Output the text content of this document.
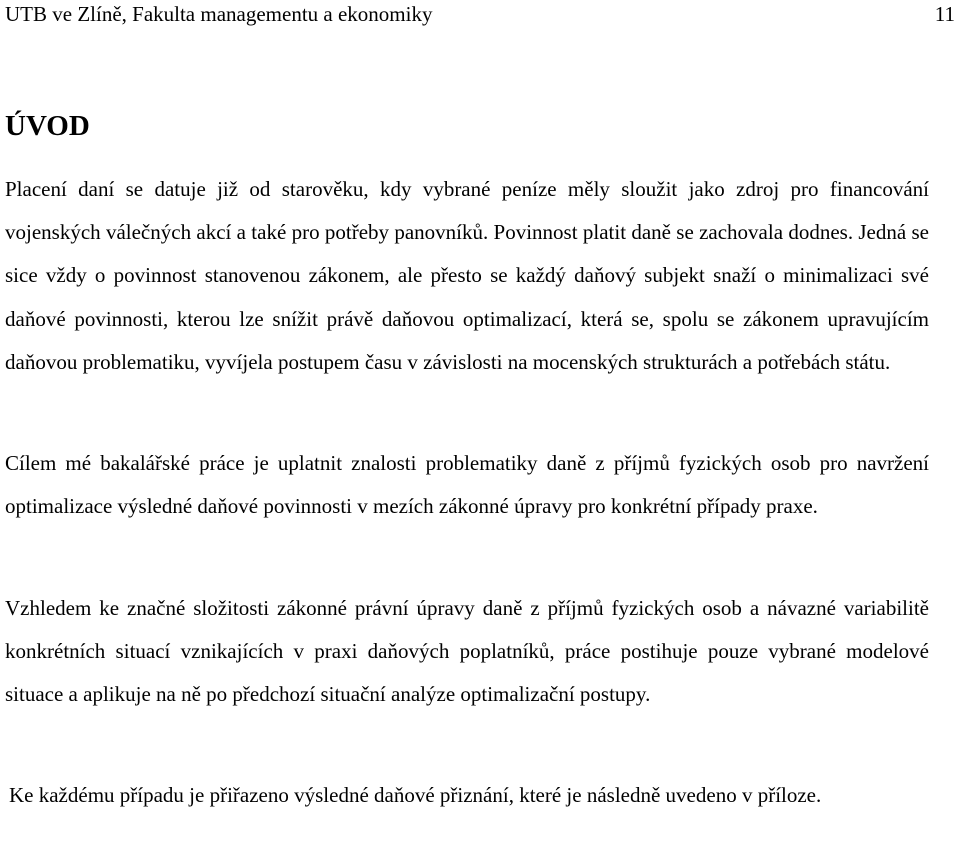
UTB ve Zlíně, Fakulta managementu a ekonomiky	11
ÚVOD

Placení daní se datuje již od starověku, kdy vybrané peníze měly sloužit jako zdroj pro financování vojenských válečných akcí a také pro potřeby panovníků. Povinnost platit daně se zachovala dodnes. Jedná se sice vždy o povinnost stanovenou zákonem, ale přesto se každý daňový subjekt snaží o minimalizaci své daňové povinnosti, kterou lze snížit právě daňovou optimalizací, která se, spolu se zákonem upravujícím daňovou problematiku, vyvíjela postupem času v závislosti na mocenských strukturách a potřebách státu.

Cílem mé bakalářské práce je uplatnit znalosti problematiky daně z příjmů fyzických osob pro navržení optimalizace výsledné daňové povinnosti v mezích zákonné úpravy pro konkrétní případy praxe.

Vzhledem ke značné složitosti zákonné právní úpravy daně z příjmů fyzických osob a návazné variabilitě konkrétních situací vznikajících v praxi daňových poplatníků, práce postihuje pouze vybrané modelové situace a aplikuje na ně po předchozí situační analýze optimalizační postupy.

Ke každému případu je přiřazeno výsledné daňové přiznání, které je následně uvedeno v příloze.
